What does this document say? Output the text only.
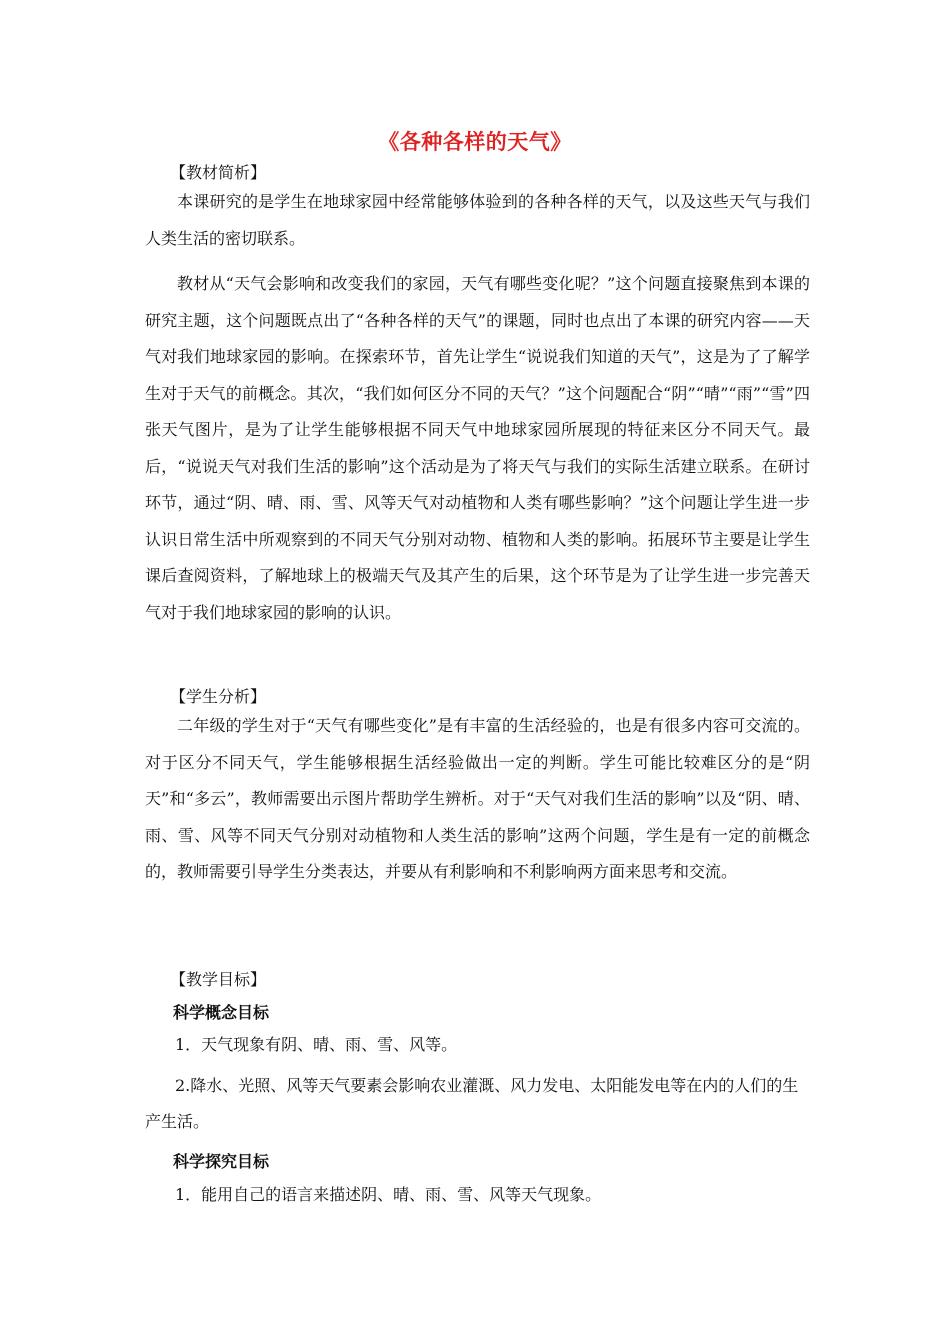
《各种各样的天气》
【教材简析】
本课研究的是学生在地球家园中经常能够体验到的各种各样的天气，以及这些天气与我们人类生活的密切联系。
教材从“天气会影响和改变我们的家园，天气有哪些变化呢？”这个问题直接聚焦到本课的研究主题，这个问题既点出了“各种各样的天气”的课题，同时也点出了本课的研究内容——天气对我们地球家园的影响。在探索环节，首先让学生“说说我们知道的天气”，这是为了了解学生对于天气的前概念。其次，“我们如何区分不同的天气？”这个问题配合“阴”“晴”“雨”“雪”四张天气图片，是为了让学生能够根据不同天气中地球家园所展现的特征来区分不同天气。最后，“说说天气对我们生活的影响”这个活动是为了将天气与我们的实际生活建立联系。在研讨环节，通过“阴、晴、雨、雪、风等天气对动植物和人类有哪些影响？”这个问题让学生进一步认识日常生活中所观察到的不同天气分别对动物、植物和人类的影响。拓展环节主要是让学生课后查阅资料，了解地球上的极端天气及其产生的后果，这个环节是为了让学生进一步完善天气对于我们地球家园的影响的认识。
【学生分析】
二年级的学生对于“天气有哪些变化”是有丰富的生活经验的，也是有很多内容可交流的。对于区分不同天气，学生能够根据生活经验做出一定的判断。学生可能比较难区分的是“阴天”和“多云”，教师需要出示图片帮助学生辨析。对于“天气对我们生活的影响”以及“阴、晴、雨、雪、风等不同天气分别对动植物和人类生活的影响”这两个问题，学生是有一定的前概念的，教师需要引导学生分类表达，并要从有利影响和不利影响两方面来思考和交流。
【教学目标】
科学概念目标
1．天气现象有阴、晴、雨、雪、风等。
2.降水、光照、风等天气要素会影响农业灌溉、风力发电、太阳能发电等在内的人们的生产生活。
科学探究目标
1．能用自己的语言来描述阴、晴、雨、雪、风等天气现象。
